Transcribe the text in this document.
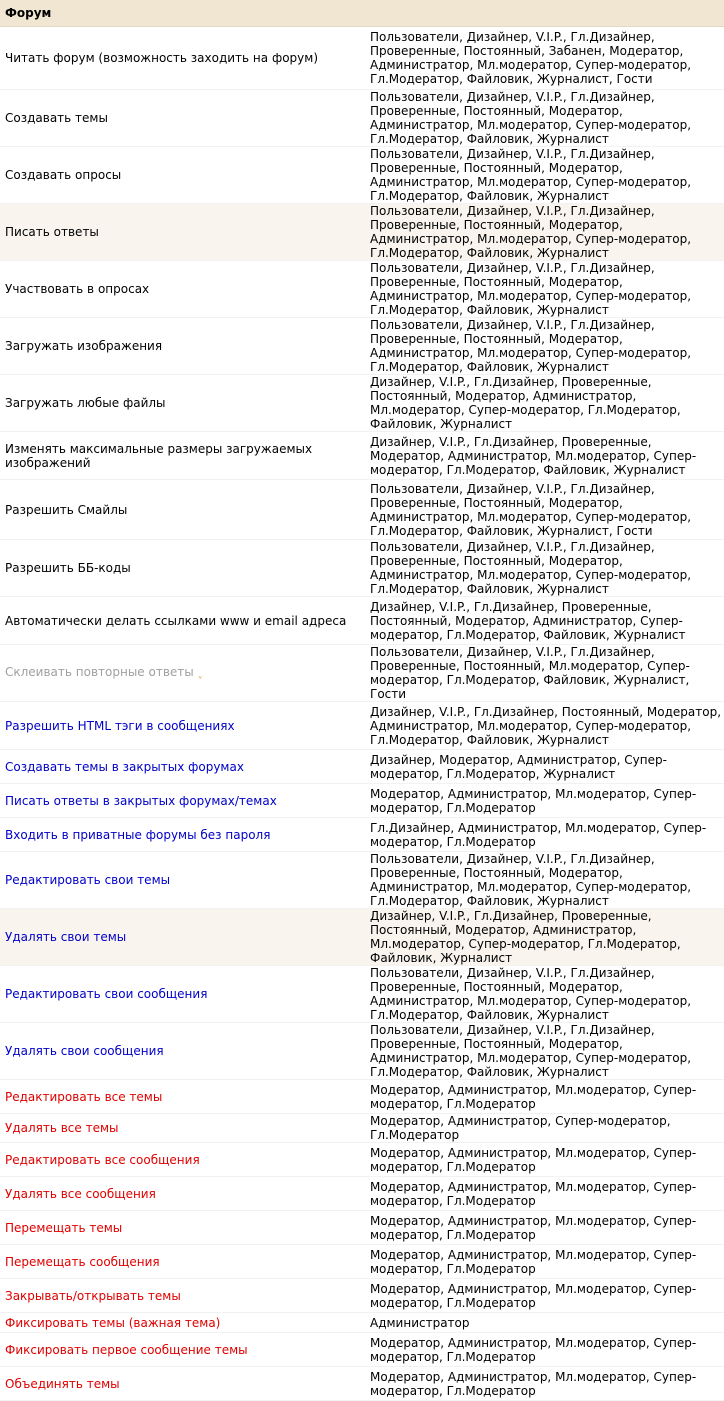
Форум	
Читать форум (возможность заходить на форум)	Пользователи, Дизайнер, V.I.P., Гл.Дизайнер, Проверенные, Постоянный, Забанен, Модератор, Администратор, Мл.модератор, Супер-модератор, Гл.Модератор, Файловик, Журналист, Гости
Создавать темы	Пользователи, Дизайнер, V.I.P., Гл.Дизайнер, Проверенные, Постоянный, Модератор, Администратор, Мл.модератор, Супер-модератор, Гл.Модератор, Файловик, Журналист
Создавать опросы	Пользователи, Дизайнер, V.I.P., Гл.Дизайнер, Проверенные, Постоянный, Модератор, Администратор, Мл.модератор, Супер-модератор, Гл.Модератор, Файловик, Журналист
Писать ответы	Пользователи, Дизайнер, V.I.P., Гл.Дизайнер, Проверенные, Постоянный, Модератор, Администратор, Мл.модератор, Супер-модератор, Гл.Модератор, Файловик, Журналист
Участвовать в опросах	Пользователи, Дизайнер, V.I.P., Гл.Дизайнер, Проверенные, Постоянный, Модератор, Администратор, Мл.модератор, Супер-модератор, Гл.Модератор, Файловик, Журналист
Загружать изображения	Пользователи, Дизайнер, V.I.P., Гл.Дизайнер, Проверенные, Постоянный, Модератор, Администратор, Мл.модератор, Супер-модератор, Гл.Модератор, Файловик, Журналист
Загружать любые файлы	Дизайнер, V.I.P., Гл.Дизайнер, Проверенные, Постоянный, Модератор, Администратор, Мл.модератор, Супер-модератор, Гл.Модератор, Файловик, Журналист
Изменять максимальные размеры загружаемых изображений	Дизайнер, V.I.P., Гл.Дизайнер, Проверенные, Модератор, Администратор, Мл.модератор, Супер-модератор, Гл.Модератор, Файловик, Журналист
Разрешить Смайлы	Пользователи, Дизайнер, V.I.P., Гл.Дизайнер, Проверенные, Постоянный, Модератор, Администратор, Мл.модератор, Супер-модератор, Гл.Модератор, Файловик, Журналист, Гости
Разрешить ББ-коды	Пользователи, Дизайнер, V.I.P., Гл.Дизайнер, Проверенные, Постоянный, Модератор, Администратор, Мл.модератор, Супер-модератор, Гл.Модератор, Файловик, Журналист
Автоматически делать ссылками www и email адреса	Дизайнер, V.I.P., Гл.Дизайнер, Проверенные, Постоянный, Модератор, Администратор, Супер-модератор, Гл.Модератор, Файловик, Журналист
Склеивать повторные ответы ˬ	Пользователи, Дизайнер, V.I.P., Гл.Дизайнер, Проверенные, Постоянный, Мл.модератор, Супер-модератор, Гл.Модератор, Файловик, Журналист, Гости
Разрешить HTML тэги в сообщениях	Дизайнер, V.I.P., Гл.Дизайнер, Постоянный, Модератор, Администратор, Мл.модератор, Супер-модератор, Гл.Модератор, Файловик, Журналист
Создавать темы в закрытых форумах	Дизайнер, Модератор, Администратор, Супер-модератор, Гл.Модератор, Журналист
Писать ответы в закрытых форумах/темах	Модератор, Администратор, Мл.модератор, Супер-модератор, Гл.Модератор
Входить в приватные форумы без пароля	Гл.Дизайнер, Администратор, Мл.модератор, Супер-модератор, Гл.Модератор
Редактировать свои темы	Пользователи, Дизайнер, V.I.P., Гл.Дизайнер, Проверенные, Постоянный, Модератор, Администратор, Мл.модератор, Супер-модератор, Гл.Модератор, Файловик, Журналист
Удалять свои темы	Дизайнер, V.I.P., Гл.Дизайнер, Проверенные, Постоянный, Модератор, Администратор, Мл.модератор, Супер-модератор, Гл.Модератор, Файловик, Журналист
Редактировать свои сообщения	Пользователи, Дизайнер, V.I.P., Гл.Дизайнер, Проверенные, Постоянный, Модератор, Администратор, Мл.модератор, Супер-модератор, Гл.Модератор, Файловик, Журналист
Удалять свои сообщения	Пользователи, Дизайнер, V.I.P., Гл.Дизайнер, Проверенные, Постоянный, Модератор, Администратор, Мл.модератор, Супер-модератор, Гл.Модератор, Файловик, Журналист
Редактировать все темы	Модератор, Администратор, Мл.модератор, Супер-модератор, Гл.Модератор
Удалять все темы	Модератор, Администратор, Супер-модератор, Гл.Модератор
Редактировать все сообщения	Модератор, Администратор, Мл.модератор, Супер-модератор, Гл.Модератор
Удалять все сообщения	Модератор, Администратор, Мл.модератор, Супер-модератор, Гл.Модератор
Перемещать темы	Модератор, Администратор, Мл.модератор, Супер-модератор, Гл.Модератор
Перемещать сообщения	Модератор, Администратор, Мл.модератор, Супер-модератор, Гл.Модератор
Закрывать/открывать темы	Модератор, Администратор, Мл.модератор, Супер-модератор, Гл.Модератор
Фиксировать темы (важная тема)	Администратор
Фиксировать первое сообщение темы	Модератор, Администратор, Мл.модератор, Супер-модератор, Гл.Модератор
Объединять темы	Модератор, Администратор, Мл.модератор, Супер-модератор, Гл.Модератор
